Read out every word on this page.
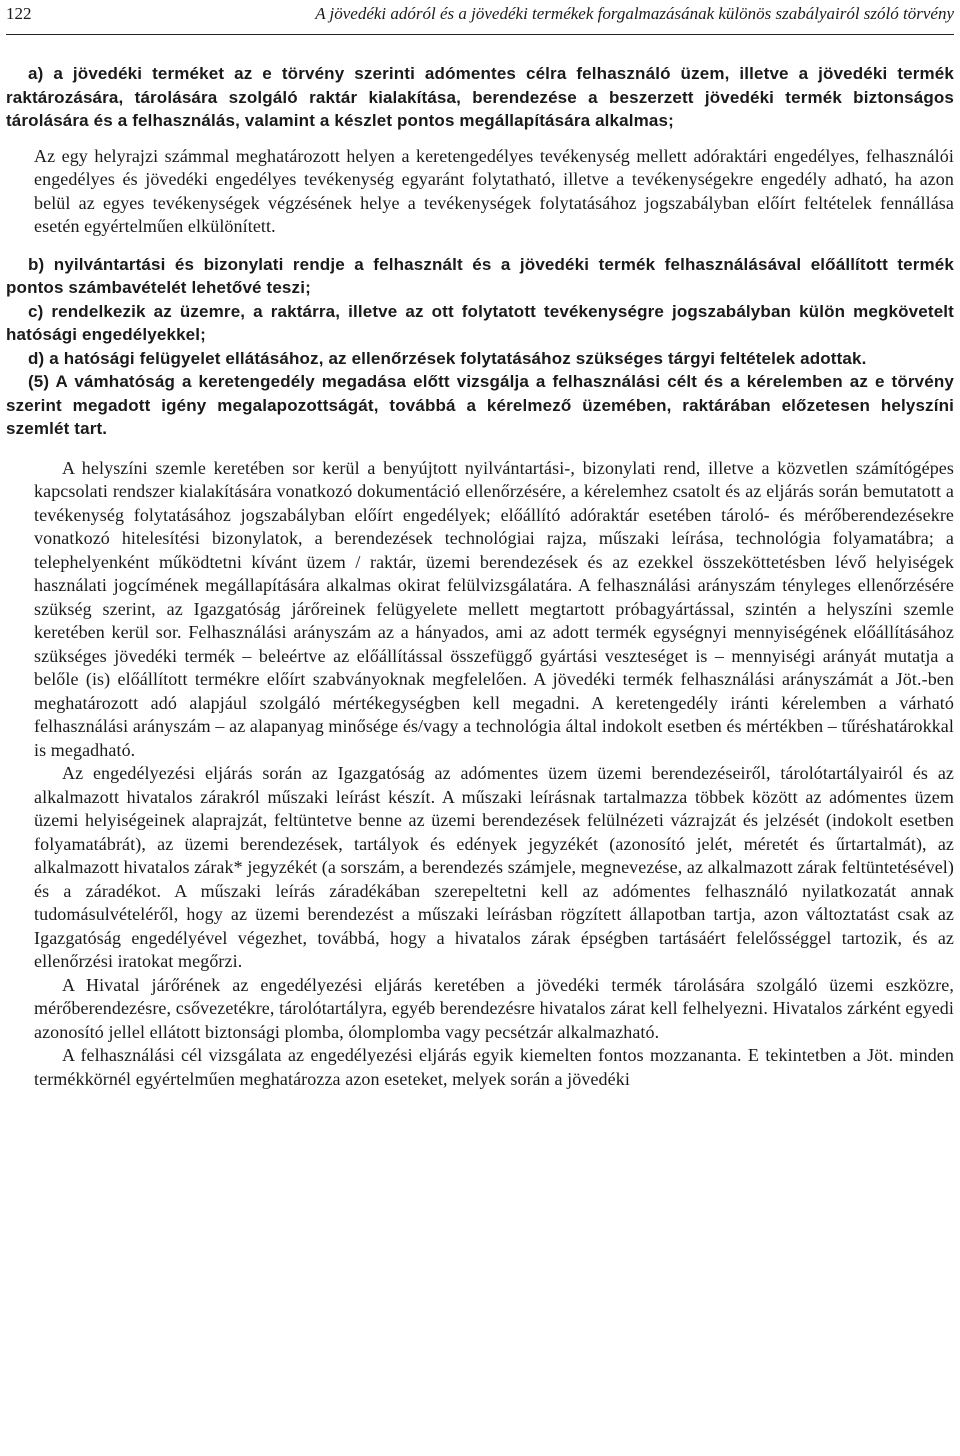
122	A jövedéki adóról és a jövedéki termékek forgalmazásának különös szabályairól szóló törvény

a) a jövedéki terméket az e törvény szerinti adómentes célra felhasználó üzem, illetve a jövedéki termék raktározására, tárolására szolgáló raktár kialakítása, berendezése a beszerzett jövedéki termék biztonságos tárolására és a felhasználás, valamint a készlet pontos megállapítására alkalmas;

Az egy helyrajzi számmal meghatározott helyen a keretengedélyes tevékenység mellett adóraktári engedélyes, felhasználói engedélyes és jövedéki engedélyes tevékenység egyaránt folytatható, illetve a tevékenységekre engedély adható, ha azon belül az egyes tevékenységek végzésének helye a tevékenységek folytatásához jogszabályban előírt feltételek fennállása esetén egyértelműen elkülönített.

b) nyilvántartási és bizonylati rendje a felhasznált és a jövedéki termék felhasználásával előállított termék pontos számbavételét lehetővé teszi;

c) rendelkezik az üzemre, a raktárra, illetve az ott folytatott tevékenységre jogszabályban külön megkövetelt hatósági engedélyekkel;

d) a hatósági felügyelet ellátásához, az ellenőrzések folytatásához szükséges tárgyi feltételek adottak.

(5) A vámhatóság a keretengedély megadása előtt vizsgálja a felhasználási célt és a kérelemben az e törvény szerint megadott igény megalapozottságát, továbbá a kérelmező üzemében, raktárában előzetesen helyszíni szemlét tart.

A helyszíni szemle keretében sor kerül a benyújtott nyilvántartási-, bizonylati rend, illetve a közvetlen számítógépes kapcsolati rendszer kialakítására vonatkozó dokumentáció ellenőrzésére, a kérelemhez csatolt és az eljárás során bemutatott a tevékenység folytatásához jogszabályban előírt engedélyek; előállító adóraktár esetében tároló- és mérőberendezésekre vonatkozó hitelesítési bizonylatok, a berendezések technológiai rajza, műszaki leírása, technológia folyamatábra; a telephelyenként működtetni kívánt üzem / raktár, üzemi berendezések és az ezekkel összeköttetésben lévő helyiségek használati jogcímének megállapítására alkalmas okirat felülvizsgálatára. A felhasználási arányszám tényleges ellenőrzésére szükség szerint, az Igazgatóság járőreinek felügyelete mellett megtartott próbagyártással, szintén a helyszíni szemle keretében kerül sor. Felhasználási arányszám az a hányados, ami az adott termék egységnyi mennyiségének előállításához szükséges jövedéki termék – beleértve az előállítással összefüggő gyártási veszteséget is – mennyiségi arányát mutatja a belőle (is) előállított termékre előírt szabványoknak megfelelően. A jövedéki termék felhasználási arányszámát a Jöt.-ben meghatározott adó alapjául szolgáló mértékegységben kell megadni. A keretengedély iránti kérelemben a várható felhasználási arányszám – az alapanyag minősége és/vagy a technológia által indokolt esetben és mértékben – tűréshatárokkal is megadható.

Az engedélyezési eljárás során az Igazgatóság az adómentes üzem üzemi berendezéseiről, tárolótartályairól és az alkalmazott hivatalos zárakról műszaki leírást készít. A műszaki leírásnak tartalmazza többek között az adómentes üzem üzemi helyiségeinek alaprajzát, feltüntetve benne az üzemi berendezések felülnézeti vázrajzát és jelzését (indokolt esetben folyamatábrát), az üzemi berendezések, tartályok és edények jegyzékét (azonosító jelét, méretét és űrtartalmát), az alkalmazott hivatalos zárak* jegyzékét (a sorszám, a berendezés számjele, megnevezése, az alkalmazott zárak feltüntetésével) és a záradékot. A műszaki leírás záradékában szerepeltetni kell az adómentes felhasználó nyilatkozatát annak tudomásulvételéről, hogy az üzemi berendezést a műszaki leírásban rögzített állapotban tartja, azon változtatást csak az Igazgatóság engedélyével végezhet, továbbá, hogy a hivatalos zárak épségben tartásáért felelősséggel tartozik, és az ellenőrzési iratokat megőrzi.

A Hivatal járőrének az engedélyezési eljárás keretében a jövedéki termék tárolására szolgáló üzemi eszközre, mérőberendezésre, csővezetékre, tárolótartályra, egyéb berendezésre hivatalos zárat kell felhelyezni. Hivatalos zárként egyedi azonosító jellel ellátott biztonsági plomba, ólomplomba vagy pecsétzár alkalmazható.

A felhasználási cél vizsgálata az engedélyezési eljárás egyik kiemelten fontos mozzananta. E tekintetben a Jöt. minden termékkörnél egyértelműen meghatározza azon eseteket, melyek során a jövedéki
